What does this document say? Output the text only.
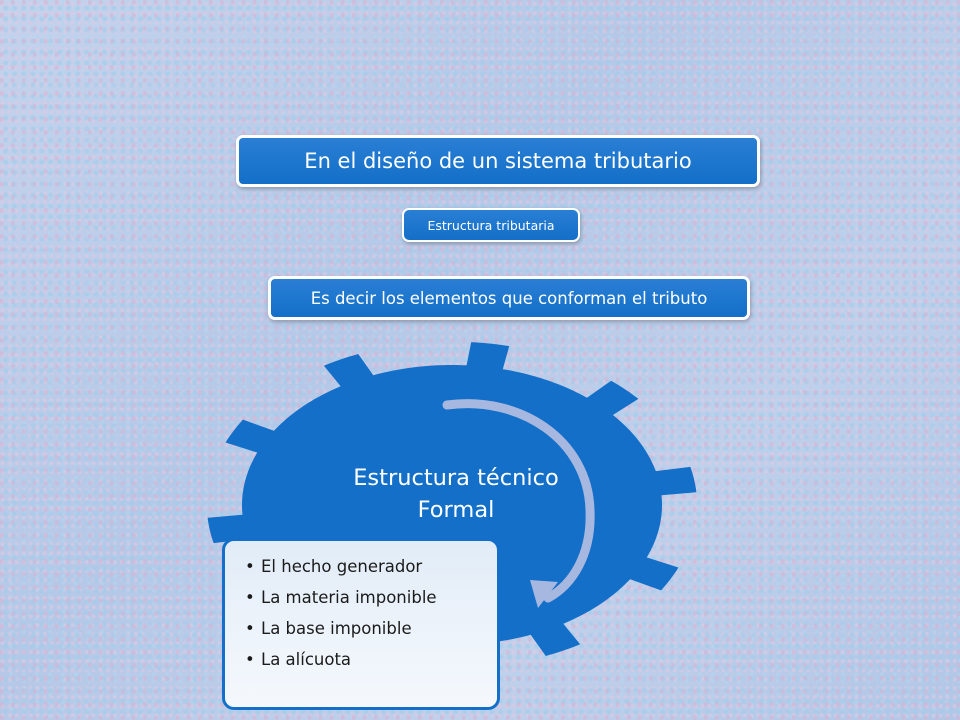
En el diseño de un sistema tributario
Estructura tributaria
Es decir los elementos que conforman el tributo
Estructura técnico
Formal
• El hecho generador
• La materia imponible
• La base imponible
• La alícuota
